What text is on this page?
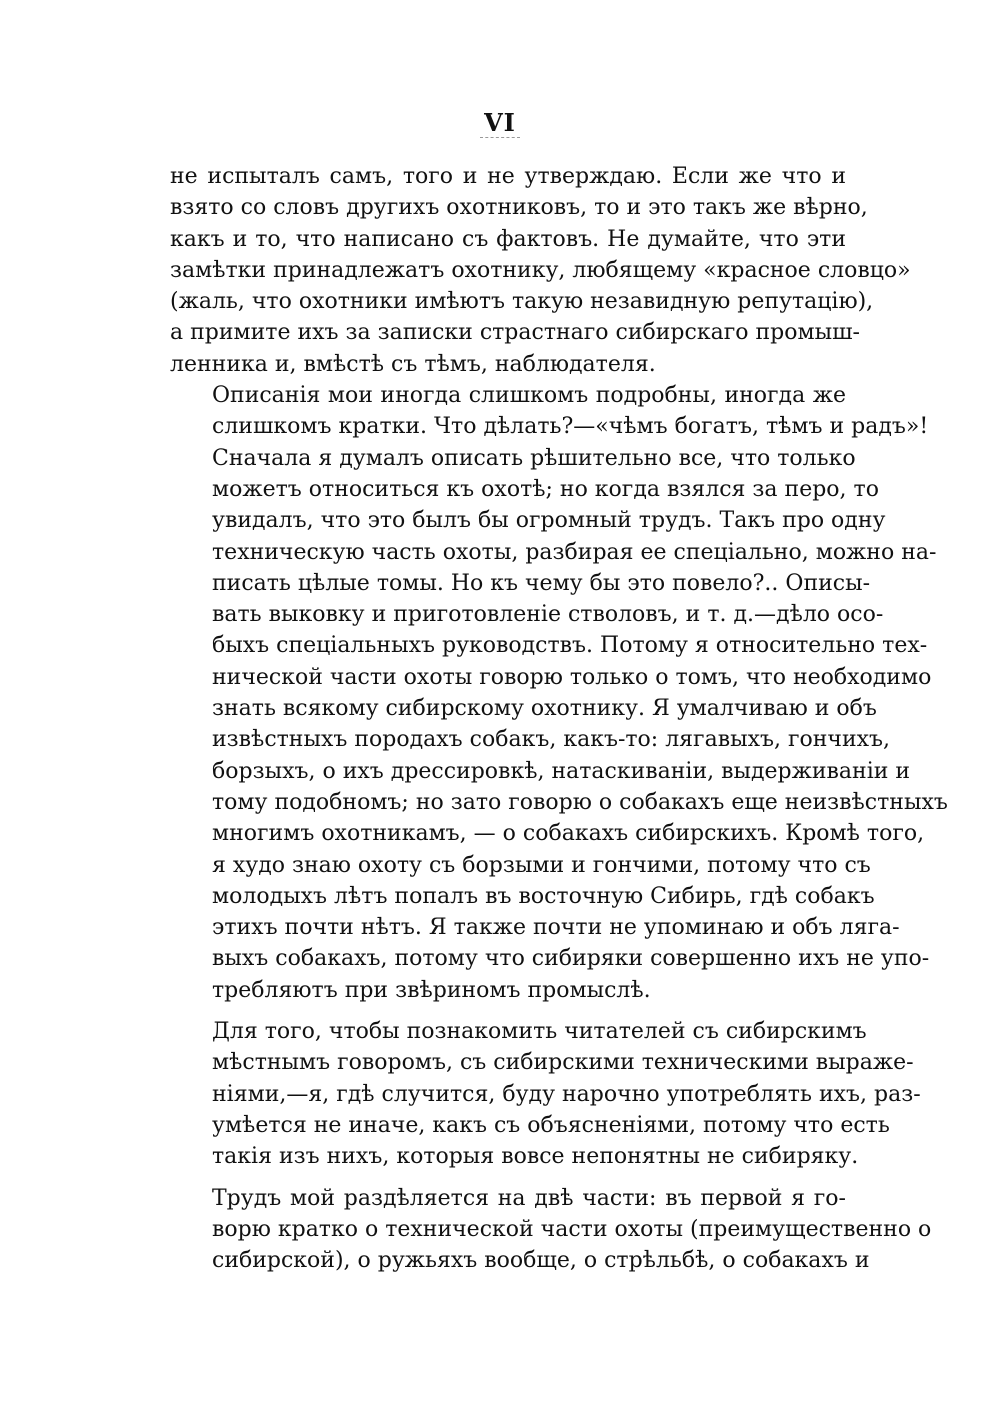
VI
не испыталъ самъ, того и не утверждаю. Если же что и
взято со словъ другихъ охотниковъ, то и это такъ же вѣрно,
какъ и то, что написано съ фактовъ. Не думайте, что эти
замѣтки принадлежатъ охотнику, любящему «красное словцо»
(жаль, что охотники имѣютъ такую незавидную репутацію),
а примите ихъ за записки страстнаго сибирскаго промыш-
ленника и, вмѣстѣ съ тѣмъ, наблюдателя.
Описанія мои иногда слишкомъ подробны, иногда же
слишкомъ кратки. Что дѣлать?—«чѣмъ богатъ, тѣмъ и радъ»!
Сначала я думалъ описать рѣшительно все, что только
можетъ относиться къ охотѣ; но когда взялся за перо, то
увидалъ, что это былъ бы огромный трудъ. Такъ про одну
техническую часть охоты, разбирая ее спеціально, можно на-
писать цѣлые томы. Но къ чему бы это повело?.. Описы-
вать выковку и приготовленіе стволовъ, и т. д.—дѣло осо-
быхъ спеціальныхъ руководствъ. Потому я относительно тех-
нической части охоты говорю только о томъ, что необходимо
знать всякому сибирскому охотнику. Я умалчиваю и объ
извѣстныхъ породахъ собакъ, какъ-то: лягавыхъ, гончихъ,
борзыхъ, о ихъ дрессировкѣ, натаскиваніи, выдерживаніи и
тому подобномъ; но зато говорю о собакахъ еще неизвѣстныхъ
многимъ охотникамъ, — о собакахъ сибирскихъ. Кромѣ того,
я худо знаю охоту съ борзыми и гончими, потому что съ
молодыхъ лѣтъ попалъ въ восточную Сибирь, гдѣ собакъ
этихъ почти нѣтъ. Я также почти не упоминаю и объ ляга-
выхъ собакахъ, потому что сибиряки совершенно ихъ не упо-
требляютъ при звѣриномъ промыслѣ.
Для того, чтобы познакомить читателей съ сибирскимъ
мѣстнымъ говоромъ, съ сибирскими техническими выраже-
ніями,—я, гдѣ случится, буду нарочно употреблять ихъ, раз-
умѣется не иначе, какъ съ объясненіями, потому что есть
такія изъ нихъ, которыя вовсе непонятны не сибиряку.
Трудъ мой раздѣляется на двѣ части: въ первой я го-
ворю кратко о технической части охоты (преимущественно о
сибирской), о ружьяхъ вообще, о стрѣльбѣ, о собакахъ и
